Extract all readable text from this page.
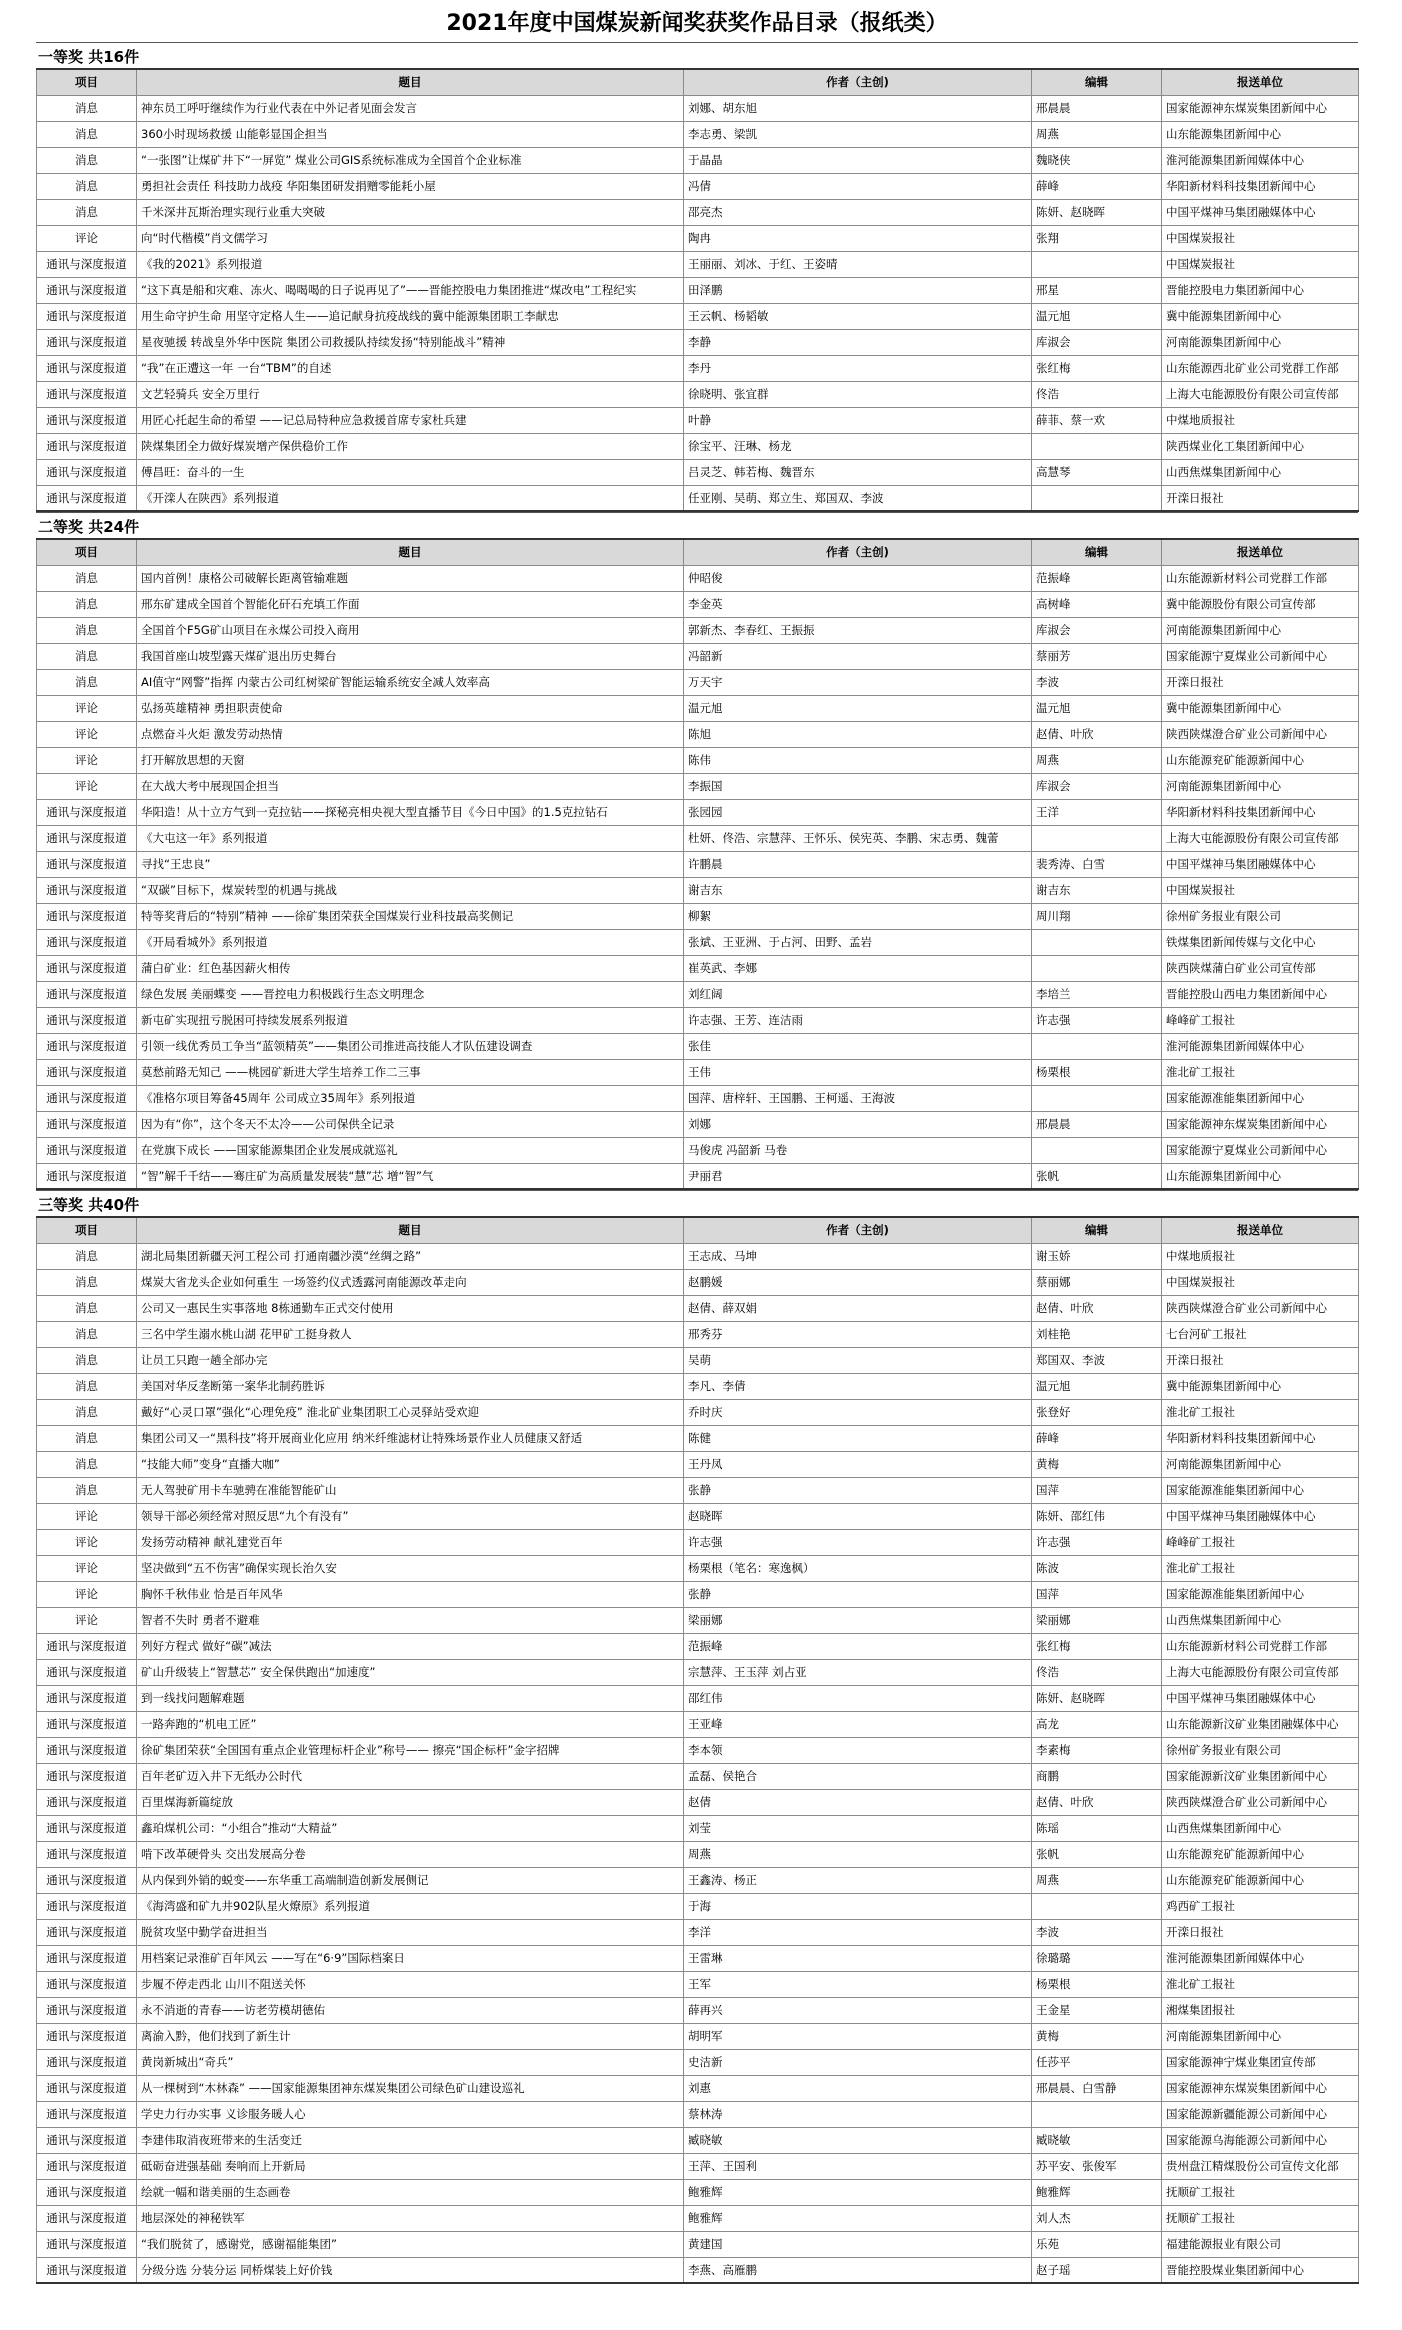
2021年度中国煤炭新闻奖获奖作品目录（报纸类）
一等奖 共16件
项目	题目	作者（主创)	编辑	报送单位
消息	神东员工呼吁继续作为行业代表在中外记者见面会发言	刘娜、胡东旭	邢晨晨	国家能源神东煤炭集团新闻中心
消息	360小时现场救援 山能彰显国企担当	李志勇、梁凯	周燕	山东能源集团新闻中心
消息	“一张图”让煤矿井下“一屏览” 煤业公司GIS系统标准成为全国首个企业标准	于晶晶	魏晓侠	淮河能源集团新闻媒体中心
消息	勇担社会责任 科技助力战疫 华阳集团研发捐赠零能耗小屋	冯倩	薛峰	华阳新材料科技集团新闻中心
消息	千米深井瓦斯治理实现行业重大突破	邵亮杰	陈妍、赵晓晖	中国平煤神马集团融媒体中心
评论	向“时代楷模”肖文儒学习	陶冉	张翔	中国煤炭报社
通讯与深度报道	《我的2021》系列报道	王丽丽、刘冰、于红、王姿晴		中国煤炭报社
通讯与深度报道	“这下真是船和灾难、冻火、喝喝喝的日子说再见了”——晋能控股电力集团推进“煤改电”工程纪实	田泽鹏	邢星	晋能控股电力集团新闻中心
通讯与深度报道	用生命守护生命 用坚守定格人生——追记献身抗疫战线的冀中能源集团职工李献忠	王云帆、杨韬敏	温元旭	冀中能源集团新闻中心
通讯与深度报道	星夜驰援 转战皇外华中医院 集团公司救援队持续发扬“特别能战斗”精神	李静	库淑会	河南能源集团新闻中心
通讯与深度报道	“我”在正遭这一年 一台“TBM”的自述	李丹	张红梅	山东能源西北矿业公司党群工作部
通讯与深度报道	文艺轻骑兵 安全万里行	徐晓明、张宜群	佟浩	上海大屯能源股份有限公司宣传部
通讯与深度报道	用匠心托起生命的希望 ——记总局特种应急救援首席专家杜兵建	叶静	薛菲、蔡一欢	中煤地质报社
通讯与深度报道	陕煤集团全力做好煤炭增产保供稳价工作	徐宝平、汪琳、杨龙		陕西煤业化工集团新闻中心
通讯与深度报道	傅昌旺：奋斗的一生	吕灵芝、韩若梅、魏晋东	高慧琴	山西焦煤集团新闻中心
通讯与深度报道	《开滦人在陕西》系列报道	任亚刚、吴萌、郑立生、郑国双、李波		开滦日报社
二等奖 共24件
项目	题目	作者（主创)	编辑	报送单位
消息	国内首例！康格公司破解长距离管输难题	仲昭俊	范振峰	山东能源新材料公司党群工作部
消息	邢东矿建成全国首个智能化矸石充填工作面	李金英	高树峰	冀中能源股份有限公司宣传部
消息	全国首个F5G矿山项目在永煤公司投入商用	郭新杰、李春红、王振振	库淑会	河南能源集团新闻中心
消息	我国首座山坡型露天煤矿退出历史舞台	冯韶新	蔡丽芳	国家能源宁夏煤业公司新闻中心
消息	AI值守“网警”指挥 内蒙古公司红树梁矿智能运输系统安全减人效率高	万天宇	李波	开滦日报社
评论	弘扬英雄精神 勇担职责使命	温元旭	温元旭	冀中能源集团新闻中心
评论	点燃奋斗火炬 激发劳动热情	陈旭	赵倩、叶欣	陕西陕煤澄合矿业公司新闻中心
评论	打开解放思想的天窗	陈伟	周燕	山东能源兖矿能源新闻中心
评论	在大战大考中展现国企担当	李振国	库淑会	河南能源集团新闻中心
通讯与深度报道	华阳造！从十立方气到一克拉钻——探秘亮相央视大型直播节目《今日中国》的1.5克拉钻石	张园园	王洋	华阳新材料科技集团新闻中心
通讯与深度报道	《大屯这一年》系列报道	杜妍、佟浩、宗慧萍、王怀乐、侯宪英、李鹏、宋志勇、魏蕾		上海大屯能源股份有限公司宣传部
通讯与深度报道	寻找“王忠良”	许鹏晨	裴秀涛、白雪	中国平煤神马集团融媒体中心
通讯与深度报道	“双碳”目标下，煤炭转型的机遇与挑战	谢吉东	谢吉东	中国煤炭报社
通讯与深度报道	特等奖背后的“特别”精神 ——徐矿集团荣获全国煤炭行业科技最高奖侧记	柳絮	周川翔	徐州矿务报业有限公司
通讯与深度报道	《开局看城外》系列报道	张斌、王亚洲、于占河、田野、孟岩		铁煤集团新闻传媒与文化中心
通讯与深度报道	蒲白矿业：红色基因薪火相传	崔英武、李娜		陕西陕煤蒲白矿业公司宣传部
通讯与深度报道	绿色发展 美丽蝶变 ——晋控电力积极践行生态文明理念	刘红阔	李培兰	晋能控股山西电力集团新闻中心
通讯与深度报道	新屯矿实现扭亏脱困可持续发展系列报道	许志强、王芳、连洁雨	许志强	峰峰矿工报社
通讯与深度报道	引领一线优秀员工争当“蓝领精英”——集团公司推进高技能人才队伍建设调查	张佳		淮河能源集团新闻媒体中心
通讯与深度报道	莫愁前路无知己 ——桃园矿新进大学生培养工作二三事	王伟	杨栗根	淮北矿工报社
通讯与深度报道	《准格尔项目筹备45周年 公司成立35周年》系列报道	国萍、唐梓轩、王国鹏、王柯遥、王海波		国家能源准能集团新闻中心
通讯与深度报道	因为有“你”，这个冬天不太冷——公司保供全记录	刘娜	邢晨晨	国家能源神东煤炭集团新闻中心
通讯与深度报道	在党旗下成长 ——国家能源集团企业发展成就巡礼	马俊虎 冯韶新 马卷		国家能源宁夏煤业公司新闻中心
通讯与深度报道	“智”解千千结——骞庄矿为高质量发展装“慧”芯 增“智”气	尹丽君	张帆	山东能源集团新闻中心
三等奖 共40件
项目	题目	作者（主创)	编辑	报送单位
消息	湖北局集团新疆天河工程公司 打通南疆沙漠“丝绸之路”	王志成、马坤	谢玉娇	中煤地质报社
消息	煤炭大省龙头企业如何重生 一场签约仪式透露河南能源改革走向	赵鹏媛	蔡丽娜	中国煤炭报社
消息	公司又一惠民生实事落地 8栋通勤车正式交付使用	赵倩、薛双娟	赵倩、叶欣	陕西陕煤澄合矿业公司新闻中心
消息	三名中学生溺水桃山湖 花甲矿工挺身救人	邢秀芬	刘桂艳	七台河矿工报社
消息	让员工只跑一趟全部办完	吴萌	郑国双、李波	开滦日报社
消息	美国对华反垄断第一案华北制药胜诉	李凡、李倩	温元旭	冀中能源集团新闻中心
消息	戴好“心灵口罩”强化“心理免疫” 淮北矿业集团职工心灵驿站受欢迎	乔时庆	张登好	淮北矿工报社
消息	集团公司又一“黑科技”将开展商业化应用 纳米纤维滤材让特殊场景作业人员健康又舒适	陈健	薛峰	华阳新材料科技集团新闻中心
消息	“技能大师”变身“直播大咖”	王丹凤	黄梅	河南能源集团新闻中心
消息	无人驾驶矿用卡车驰骋在准能智能矿山	张静	国萍	国家能源准能集团新闻中心
评论	领导干部必须经常对照反思“九个有没有”	赵晓晖	陈妍、邵红伟	中国平煤神马集团融媒体中心
评论	发扬劳动精神 献礼建党百年	许志强	许志强	峰峰矿工报社
评论	坚决做到“五不伤害”确保实现长治久安	杨栗根（笔名：寒逸枫）	陈波	淮北矿工报社
评论	胸怀千秋伟业 恰是百年风华	张静	国萍	国家能源准能集团新闻中心
评论	智者不失时 勇者不避难	梁丽娜	梁丽娜	山西焦煤集团新闻中心
通讯与深度报道	列好方程式 做好“碳”减法	范振峰	张红梅	山东能源新材料公司党群工作部
通讯与深度报道	矿山升级装上“智慧芯” 安全保供跑出“加速度”	宗慧萍、王玉萍 刘占亚	佟浩	上海大屯能源股份有限公司宣传部
通讯与深度报道	到一线找问题解难题	邵红伟	陈妍、赵晓晖	中国平煤神马集团融媒体中心
通讯与深度报道	一路奔跑的“机电工匠”	王亚峰	高龙	山东能源新汶矿业集团融媒体中心
通讯与深度报道	徐矿集团荣获“全国国有重点企业管理标杆企业”称号—— 擦亮“国企标杆”金字招牌	李本领	李素梅	徐州矿务报业有限公司
通讯与深度报道	百年老矿迈入井下无纸办公时代	孟磊、侯艳合	商鹏	国家能源新汶矿业集团新闻中心
通讯与深度报道	百里煤海新篇绽放	赵倩	赵倩、叶欣	陕西陕煤澄合矿业公司新闻中心
通讯与深度报道	鑫珀煤机公司：“小组合”推动“大精益”	刘莹	陈瑶	山西焦煤集团新闻中心
通讯与深度报道	啃下改革硬骨头 交出发展高分卷	周燕	张帆	山东能源兖矿能源新闻中心
通讯与深度报道	从内保到外销的蜕变——东华重工高端制造创新发展侧记	王鑫涛、杨正	周燕	山东能源兖矿能源新闻中心
通讯与深度报道	《海湾盛和矿九井902队星火燎原》系列报道	于海		鸡西矿工报社
通讯与深度报道	脱贫攻坚中勤学奋进担当	李洋	李波	开滦日报社
通讯与深度报道	用档案记录淮矿百年风云 ——写在“6·9”国际档案日	王雷琳	徐璐璐	淮河能源集团新闻媒体中心
通讯与深度报道	步履不停走西北 山川不阻送关怀	王军	杨栗根	淮北矿工报社
通讯与深度报道	永不消逝的青春——访老劳模胡德佑	薛再兴	王金星	湘煤集团报社
通讯与深度报道	离渝入黔，他们找到了新生计	胡明军	黄梅	河南能源集团新闻中心
通讯与深度报道	黄岗新城出“奇兵”	史洁新	任莎平	国家能源神宁煤业集团宣传部
通讯与深度报道	从一棵树到“木林森” ——国家能源集团神东煤炭集团公司绿色矿山建设巡礼	刘惠	邢晨晨、白雪静	国家能源神东煤炭集团新闻中心
通讯与深度报道	学史力行办实事 义诊服务暖人心	蔡林涛		国家能源新疆能源公司新闻中心
通讯与深度报道	李建伟取消夜班带来的生活变迁	臧晓敏	臧晓敏	国家能源乌海能源公司新闻中心
通讯与深度报道	砥砺奋进强基础 奏响而上开新局	王萍、王国利	苏平安、张俊军	贵州盘江精煤股份公司宣传文化部
通讯与深度报道	绘就一幅和谐美丽的生态画卷	鲍雅辉	鲍雅辉	抚顺矿工报社
通讯与深度报道	地层深处的神秘铁军	鲍雅辉	刘人杰	抚顺矿工报社
通讯与深度报道	“我们脱贫了，感谢党，感谢福能集团”	黄建国	乐苑	福建能源报业有限公司
通讯与深度报道	分级分选 分装分运 同桥煤装上好价钱	李燕、高雁鹏	赵子瑶	晋能控股煤业集团新闻中心
